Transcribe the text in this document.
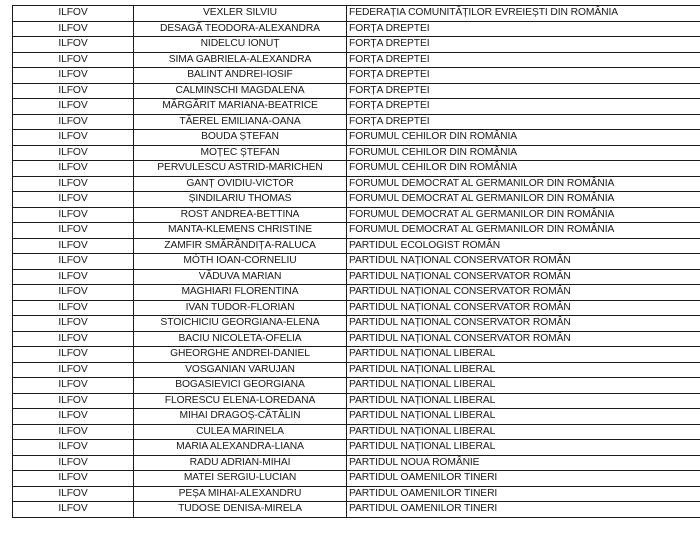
ILFOV	VEXLER SILVIU	FEDERAȚIA COMUNITĂȚILOR EVREIEȘTI DIN ROMÂNIA
ILFOV	DESAGĂ TEODORA-ALEXANDRA	FORȚA DREPTEI
ILFOV	NIDELCU IONUȚ	FORȚA DREPTEI
ILFOV	SIMA GABRIELA-ALEXANDRA	FORȚA DREPTEI
ILFOV	BALINT ANDREI-IOSIF	FORȚA DREPTEI
ILFOV	CALMINSCHI MAGDALENA	FORȚA DREPTEI
ILFOV	MĂRGĂRIT MARIANA-BEATRICE	FORȚA DREPTEI
ILFOV	TĂEREL EMILIANA-OANA	FORȚA DREPTEI
ILFOV	BOUDA ȘTEFAN	FORUMUL CEHILOR DIN ROMÂNIA
ILFOV	MOȚEC ȘTEFAN	FORUMUL CEHILOR DIN ROMÂNIA
ILFOV	PERVULESCU ASTRID-MARICHEN	FORUMUL CEHILOR DIN ROMÂNIA
ILFOV	GANȚ OVIDIU-VICTOR	FORUMUL DEMOCRAT AL GERMANILOR DIN ROMÂNIA
ILFOV	ȘINDILARIU THOMAS	FORUMUL DEMOCRAT AL GERMANILOR DIN ROMÂNIA
ILFOV	ROST ANDREA-BETTINA	FORUMUL DEMOCRAT AL GERMANILOR DIN ROMÂNIA
ILFOV	MANTA-KLEMENS CHRISTINE	FORUMUL DEMOCRAT AL GERMANILOR DIN ROMÂNIA
ILFOV	ZAMFIR SMĂRĂNDIȚA-RALUCA	PARTIDUL ECOLOGIST ROMÂN
ILFOV	MÓTH IOAN-CORNELIU	PARTIDUL NAȚIONAL CONSERVATOR ROMÂN
ILFOV	VĂDUVA MARIAN	PARTIDUL NAȚIONAL CONSERVATOR ROMÂN
ILFOV	MAGHIARI FLORENTINA	PARTIDUL NAȚIONAL CONSERVATOR ROMÂN
ILFOV	IVAN TUDOR-FLORIAN	PARTIDUL NAȚIONAL CONSERVATOR ROMÂN
ILFOV	STOICHICIU GEORGIANA-ELENA	PARTIDUL NAȚIONAL CONSERVATOR ROMÂN
ILFOV	BACIU NICOLETA-OFELIA	PARTIDUL NAȚIONAL CONSERVATOR ROMÂN
ILFOV	GHEORGHE ANDREI-DANIEL	PARTIDUL NAȚIONAL LIBERAL
ILFOV	VOSGANIAN VARUJAN	PARTIDUL NAȚIONAL LIBERAL
ILFOV	BOGASIEVICI GEORGIANA	PARTIDUL NAȚIONAL LIBERAL
ILFOV	FLORESCU ELENA-LOREDANA	PARTIDUL NAȚIONAL LIBERAL
ILFOV	MIHAI DRAGOȘ-CĂTĂLIN	PARTIDUL NAȚIONAL LIBERAL
ILFOV	CULEA MARINELA	PARTIDUL NAȚIONAL LIBERAL
ILFOV	MARIA ALEXANDRA-LIANA	PARTIDUL NAȚIONAL LIBERAL
ILFOV	RADU ADRIAN-MIHAI	PARTIDUL NOUA ROMÂNIE
ILFOV	MATEI SERGIU-LUCIAN	PARTIDUL OAMENILOR TINERI
ILFOV	PEȘA MIHAI-ALEXANDRU	PARTIDUL OAMENILOR TINERI
ILFOV	TUDOSE DENISA-MIRELA	PARTIDUL OAMENILOR TINERI
